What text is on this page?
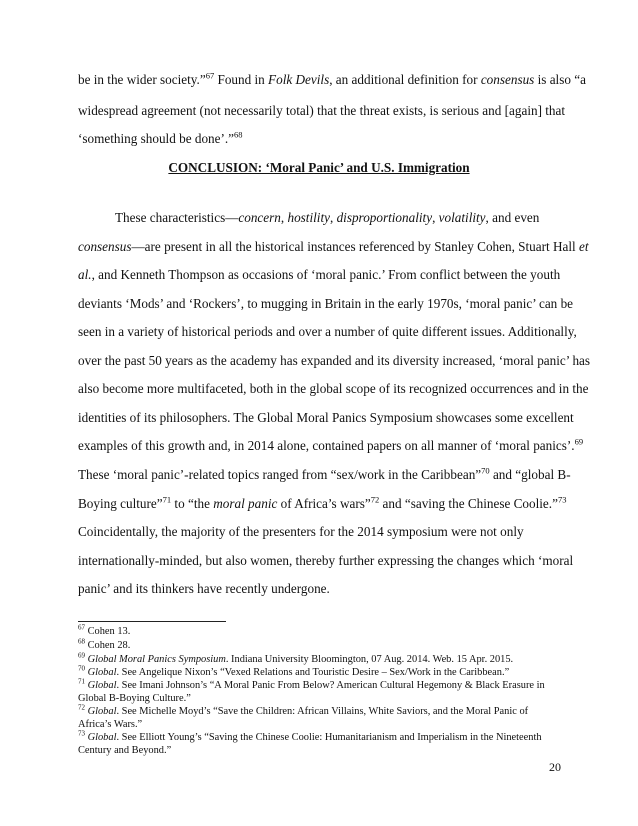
be in the wider society.”$^{67}$ Found in Folk Devils, an additional definition for consensus is also “a
widespread agreement (not necessarily total) that the threat exists, is serious and [again] that
‘something should be done’.”$^{68}$
CONCLUSION: ‘Moral Panic’ and U.S. Immigration
These characteristics—concern, hostility, disproportionality, volatility, and even
consensus—are present in all the historical instances referenced by Stanley Cohen, Stuart Hall et
al., and Kenneth Thompson as occasions of ‘moral panic.’ From conflict between the youth
deviants ‘Mods’ and ‘Rockers’, to mugging in Britain in the early 1970s, ‘moral panic’ can be
seen in a variety of historical periods and over a number of quite different issues. Additionally,
over the past 50 years as the academy has expanded and its diversity increased, ‘moral panic’ has
also become more multifaceted, both in the global scope of its recognized occurrences and in the
identities of its philosophers. The Global Moral Panics Symposium showcases some excellent
examples of this growth and, in 2014 alone, contained papers on all manner of ‘moral panics’.$^{69}$
These ‘moral panic’-related topics ranged from “sex/work in the Caribbean”$^{70}$ and “global B-
Boying culture”$^{71}$ to “the moral panic of Africa’s wars”$^{72}$ and “saving the Chinese Coolie.”$^{73}$
Coincidentally, the majority of the presenters for the 2014 symposium were not only
internationally-minded, but also women, thereby further expressing the changes which ‘moral
panic’ and its thinkers have recently undergone.
$^{67}$ Cohen 13.
$^{68}$ Cohen 28.
$^{69}$ Global Moral Panics Symposium. Indiana University Bloomington, 07 Aug. 2014. Web. 15 Apr. 2015.
$^{70}$ Global. See Angelique Nixon’s “Vexed Relations and Touristic Desire – Sex/Work in the Caribbean.”
$^{71}$ Global. See Imani Johnson’s “A Moral Panic From Below? American Cultural Hegemony & Black Erasure in
Global B-Boying Culture.”
$^{72}$ Global. See Michelle Moyd’s “Save the Children: African Villains, White Saviors, and the Moral Panic of
Africa’s Wars.”
$^{73}$ Global. See Elliott Young’s “Saving the Chinese Coolie: Humanitarianism and Imperialism in the Nineteenth
Century and Beyond.”
20
